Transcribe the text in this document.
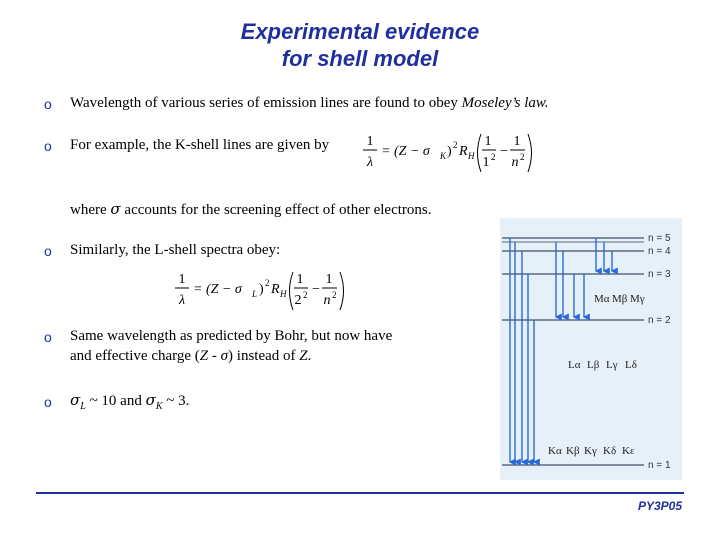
Experimental evidence
for shell model
o Wavelength of various series of emission lines are found to obey Moseley’s law.
o For example, the K-shell lines are given by	1
λ
= (Z − σ K ) 2 R H
1
1 2 −
1
n 2
where σ accounts for the screening effect of other electrons.
o Similarly, the L-shell spectra obey:
1
λ
= (Z − σ L ) 2 R H
1
2 2 −
1
n 2
o Same wavelength as predicted by Bohr, but now have
and effective charge (Z - σ) instead of Z.
o $\sigma_L$ ~ 10 and $\sigma_K$ ~ 3.
n = 5
n = 4
n = 3
n = 2
n = 1
Mα Mβ Mγ
Lα Lβ Lγ Lδ
Kα Kβ Kγ Kδ Kε
PY3P05
